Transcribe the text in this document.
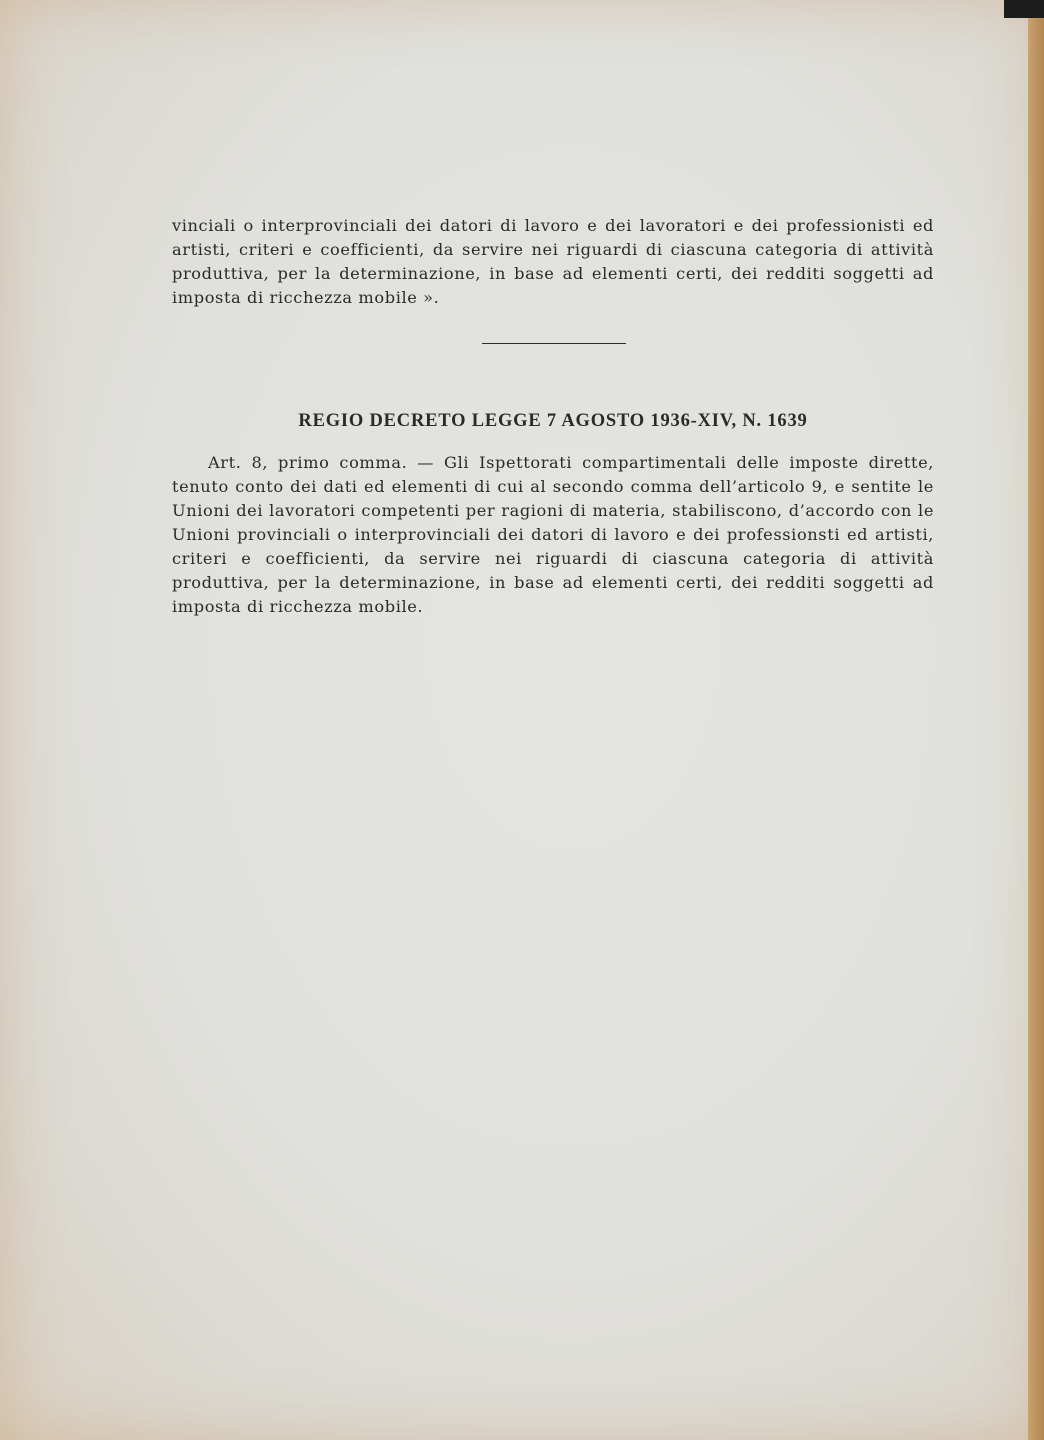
vinciali o interprovinciali dei datori di lavoro e dei lavoratori e dei professionisti ed artisti, criteri e coefficienti, da servire nei riguardi di ciascuna categoria di attività produttiva, per la determinazione, in base ad elementi certi, dei redditi soggetti ad imposta di ricchezza mobile ».

REGIO DECRETO LEGGE 7 AGOSTO 1936-XIV, N. 1639

Art. 8, primo comma. — Gli Ispettorati compartimentali delle imposte dirette, tenuto conto dei dati ed elementi di cui al secondo comma dell’articolo 9, e sentite le Unioni dei lavoratori competenti per ragioni di materia, stabiliscono, d’accordo con le Unioni provinciali o interprovinciali dei datori di lavoro e dei professionsti ed artisti, criteri e coefficienti, da servire nei riguardi di ciascuna categoria di attività produttiva, per la determinazione, in base ad elementi certi, dei redditi soggetti ad imposta di ricchezza mobile.
